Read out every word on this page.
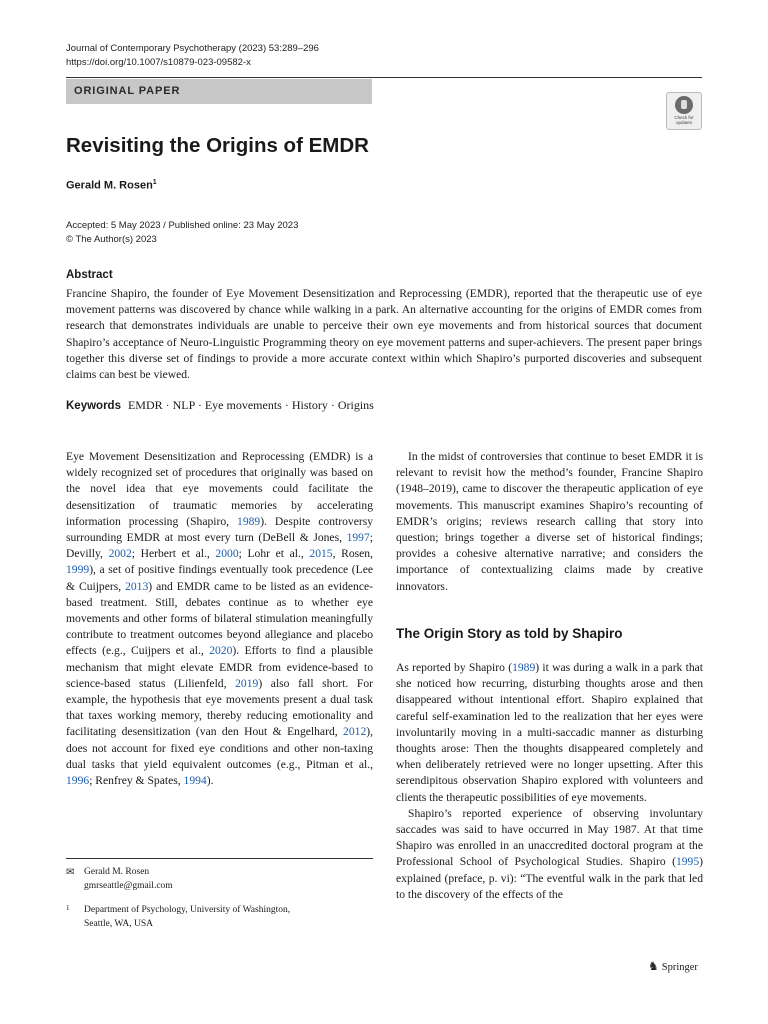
Journal of Contemporary Psychotherapy (2023) 53:289–296
https://doi.org/10.1007/s10879-023-09582-x
ORIGINAL PAPER
Check for
updates
Revisiting the Origins of EMDR
Gerald M. Rosen$^1$
Accepted: 5 May 2023 / Published online: 23 May 2023
© The Author(s) 2023
Abstract

Francine Shapiro, the founder of Eye Movement Desensitization and Reprocessing (EMDR), reported that the therapeutic use of eye movement patterns was discovered by chance while walking in a park. An alternative accounting for the origins of EMDR comes from research that demonstrates individuals are unable to perceive their own eye movements and from historical sources that document Shapiro’s acceptance of Neuro-Linguistic Programming theory on eye movement patterns and super-achievers. The present paper brings together this diverse set of findings to provide a more accurate context within which Shapiro’s purported discoveries and subsequent claims can best be viewed.

Keywords EMDR · NLP · Eye movements · History · Origins

Eye Movement Desensitization and Reprocessing (EMDR) is a widely recognized set of procedures that originally was based on the novel idea that eye movements could facilitate the desensitization of traumatic memories by accelerating information processing (Shapiro, 1989). Despite controversy surrounding EMDR at most every turn (DeBell & Jones, 1997; Devilly, 2002; Herbert et al., 2000; Lohr et al., 2015, Rosen, 1999), a set of positive findings eventually took precedence (Lee & Cuijpers, 2013) and EMDR came to be listed as an evidence-based treatment. Still, debates continue as to whether eye movements and other forms of bilateral stimulation meaningfully contribute to treatment outcomes beyond allegiance and placebo effects (e.g., Cuijpers et al., 2020). Efforts to find a plausible mechanism that might elevate EMDR from evidence-based to science-based status (Lilienfeld, 2019) also fall short. For example, the hypothesis that eye movements present a dual task that taxes working memory, thereby reducing emotionality and facilitating desensitization (van den Hout & Engelhard, 2012), does not account for fixed eye conditions and other non-taxing dual tasks that yield equivalent outcomes (e.g., Pitman et al., 1996; Renfrey & Spates, 1994).

In the midst of controversies that continue to beset EMDR it is relevant to revisit how the method’s founder, Francine Shapiro (1948–2019), came to discover the therapeutic application of eye movements. This manuscript examines Shapiro’s recounting of EMDR’s origins; reviews research calling that story into question; brings together a diverse set of historical findings; provides a cohesive alternative narrative; and considers the importance of contextualizing claims made by creative innovators.

The Origin Story as told by Shapiro

As reported by Shapiro (1989) it was during a walk in a park that she noticed how recurring, disturbing thoughts arose and then disappeared without intentional effort. Shapiro explained that careful self-examination led to the realization that her eyes were involuntarily moving in a multi-saccadic manner as disturbing thoughts arose: Then the thoughts disappeared completely and when deliberately retrieved were no longer upsetting. After this serendipitous observation Shapiro explored with volunteers and clients the therapeutic possibilities of eye movements.

Shapiro’s reported experience of observing involuntary saccades was said to have occurred in May 1987. At that time Shapiro was enrolled in an unaccredited doctoral program at the Professional School of Psychological Studies. Shapiro (1995) explained (preface, p. vi): “The eventful walk in the park that led to the discovery of the effects of the

✉ Gerald M. Rosen
gmrseattle@gmail.com
1 Department of Psychology, University of Washington,
Seattle, WA, USA
♞ Springer
